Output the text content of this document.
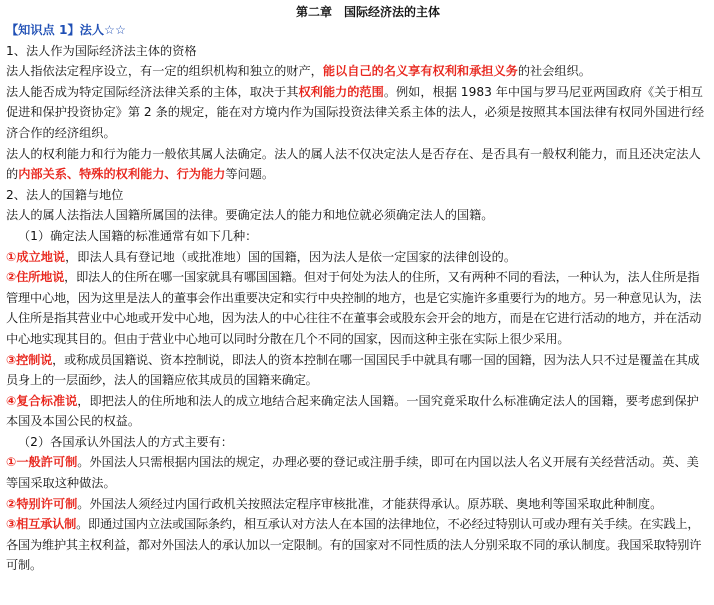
第二章　国际经济法的主体

【知识点 1】法人☆☆

1、法人作为国际经济法主体的资格

法人指依法定程序设立，有一定的组织机构和独立的财产，能以自己的名义享有权利和承担义务的社会组织。

法人能否成为特定国际经济法律关系的主体，取决于其权利能力的范围。例如，根据 1983 年中国与罗马尼亚两国政府《关于相互促进和保护投资协定》第 2 条的规定，能在对方境内作为国际投资法律关系主体的法人，必须是按照其本国法律有权同外国进行经济合作的经济组织。

法人的权利能力和行为能力一般依其属人法确定。法人的属人法不仅决定法人是否存在、是否具有一般权利能力，而且还决定法人的内部关系、特殊的权利能力、行为能力等问题。

2、法人的国籍与地位

法人的属人法指法人国籍所属国的法律。要确定法人的能力和地位就必须确定法人的国籍。

（1）确定法人国籍的标准通常有如下几种：

①成立地说，即法人具有登记地（或批准地）国的国籍，因为法人是依一定国家的法律创设的。

②住所地说，即法人的住所在哪一国家就具有哪国国籍。但对于何处为法人的住所，又有两种不同的看法，一种认为，法人住所是指管理中心地，因为这里是法人的董事会作出重要决定和实行中央控制的地方，也是它实施许多重要行为的地方。另一种意见认为，法人住所是指其营业中心地或开发中心地，因为法人的中心往往不在董事会或股东会开会的地方，而是在它进行活动的地方，并在活动中心地实现其目的。但由于营业中心地可以同时分散在几个不同的国家，因而这种主张在实际上很少采用。

③控制说，或称成员国籍说、资本控制说，即法人的资本控制在哪一国国民手中就具有哪一国的国籍，因为法人只不过是覆盖在其成员身上的一层面纱，法人的国籍应依其成员的国籍来确定。

④复合标准说，即把法人的住所地和法人的成立地结合起来确定法人国籍。一国究竟采取什么标准确定法人的国籍，要考虑到保护本国及本国公民的权益。

（2）各国承认外国法人的方式主要有：

①一般許可制。外国法人只需根据内国法的规定，办理必要的登记或注册手续，即可在内国以法人名义开展有关经营活动。英、美等国采取这种做法。

②特别许可制。外国法人须经过内国行政机关按照法定程序审核批准，才能获得承认。原苏联、奥地利等国采取此种制度。

③相互承认制。即通过国内立法或国际条约，相互承认对方法人在本国的法律地位，不必经过特别认可或办理有关手续。在实践上，各国为维护其主权利益，都对外国法人的承认加以一定限制。有的国家对不同性质的法人分别采取不同的承认制度。我国采取特别许可制。
